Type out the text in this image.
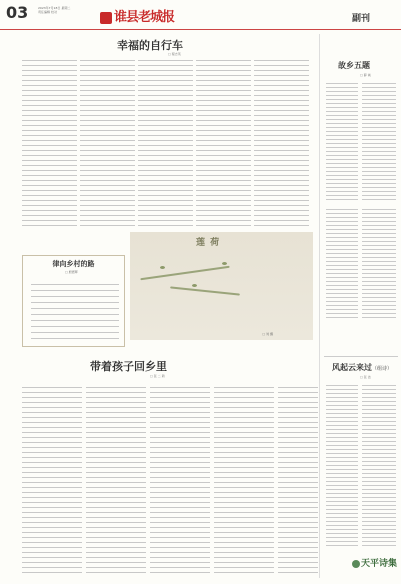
03	2023年7月18日 星期二
责任编辑 校对	谁县老城报	副刊
幸福的自行车
□ 程志英
莲 荷
□ 刘 摄
律向乡村的路
□ 殷德辉
带着孩子回乡里
□ 张 二 新
故乡五题
□ 薛 诚
风起云来过（组诗）
□ 张 洁
天平诗集
